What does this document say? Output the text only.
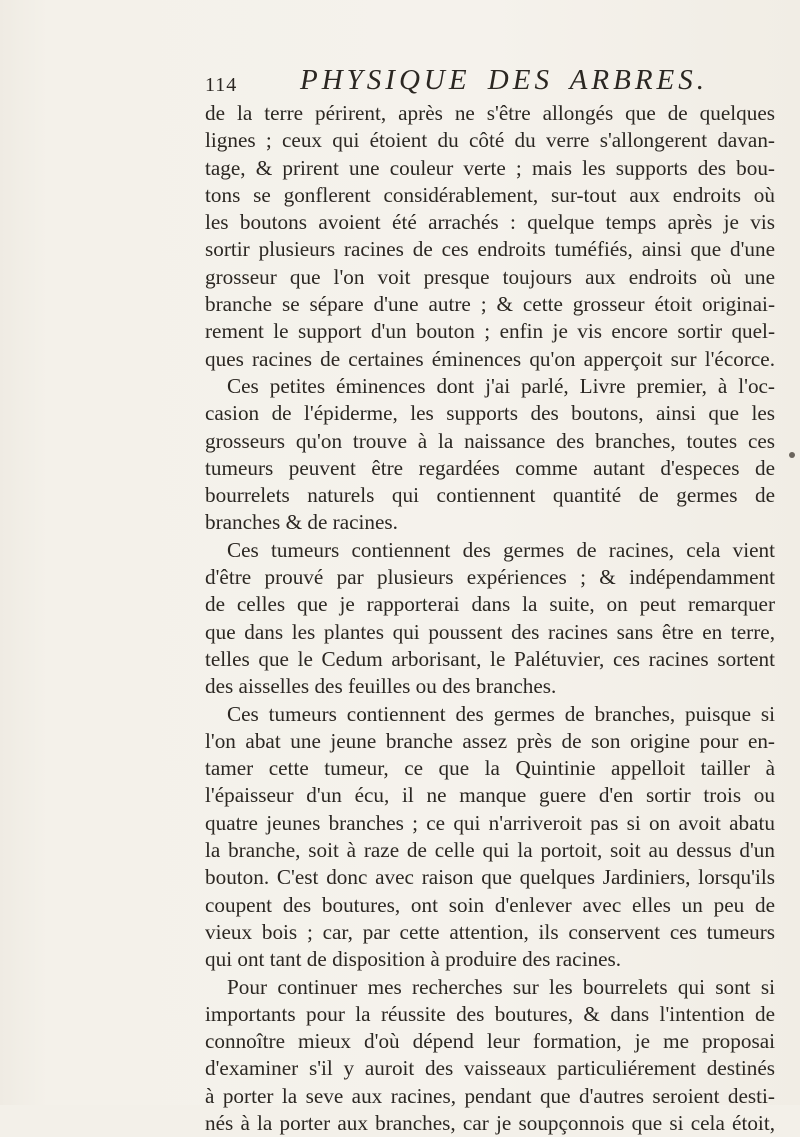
114 PHYSIQUE DES ARBRES.
de la terre périrent, après ne s'être allongés que de quelques
lignes ; ceux qui étoient du côté du verre s'allongerent davan-
tage, & prirent une couleur verte ; mais les supports des bou-
tons se gonflerent considérablement, sur-tout aux endroits où
les boutons avoient été arrachés : quelque temps après je vis
sortir plusieurs racines de ces endroits tuméfiés, ainsi que d'une
grosseur que l'on voit presque toujours aux endroits où une
branche se sépare d'une autre ; & cette grosseur étoit originai-
rement le support d'un bouton ; enfin je vis encore sortir quel-
ques racines de certaines éminences qu'on apperçoit sur l'écorce.
Ces petites éminences dont j'ai parlé, Livre premier, à l'oc-
casion de l'épiderme, les supports des boutons, ainsi que les
grosseurs qu'on trouve à la naissance des branches, toutes ces
tumeurs peuvent être regardées comme autant d'especes de
bourrelets naturels qui contiennent quantité de germes de
branches & de racines.
Ces tumeurs contiennent des germes de racines, cela vient
d'être prouvé par plusieurs expériences ; & indépendamment
de celles que je rapporterai dans la suite, on peut remarquer
que dans les plantes qui poussent des racines sans être en terre,
telles que le Cedum arborisant, le Palétuvier, ces racines sortent
des aisselles des feuilles ou des branches.
Ces tumeurs contiennent des germes de branches, puisque si
l'on abat une jeune branche assez près de son origine pour en-
tamer cette tumeur, ce que la Quintinie appelloit tailler à
l'épaisseur d'un écu, il ne manque guere d'en sortir trois ou
quatre jeunes branches ; ce qui n'arriveroit pas si on avoit abatu
la branche, soit à raze de celle qui la portoit, soit au dessus d'un
bouton. C'est donc avec raison que quelques Jardiniers, lorsqu'ils
coupent des boutures, ont soin d'enlever avec elles un peu de
vieux bois ; car, par cette attention, ils conservent ces tumeurs
qui ont tant de disposition à produire des racines.
Pour continuer mes recherches sur les bourrelets qui sont si
importants pour la réussite des boutures, & dans l'intention de
connoître mieux d'où dépend leur formation, je me proposai
d'examiner s'il y auroit des vaisseaux particuliérement destinés
à porter la seve aux racines, pendant que d'autres seroient desti-
nés à la porter aux branches, car je soupçonnois que si cela étoit,
